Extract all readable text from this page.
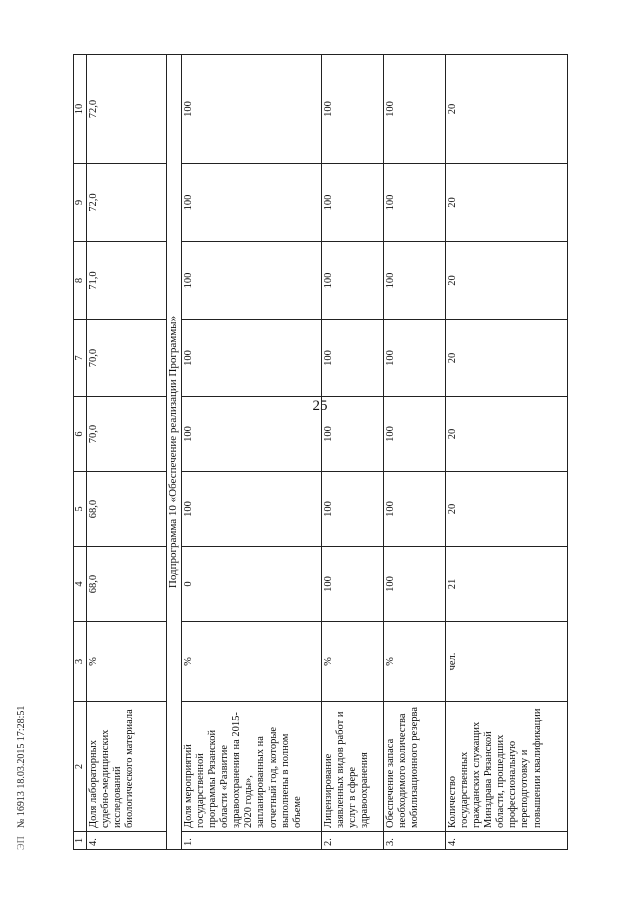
25
1	2	3	4	5	6	7	8	9	10
4.	Доля лабораторных судебно-медицинских исследований биологического материала	%	68,0	68,0	70,0	70,0	71,0	72,0	72,0
Подпрограмма 10 «Обеспечение реализации Программы»									
1.	Доля мероприятий государственной программы Рязанской области «Развитие здравоохранения на 2015-2020 годы», запланированных на отчетный год, которые выполнены в полном объеме	%	0	100	100	100	100	100	100
2.	Лицензирование заявленных видов работ и услуг в сфере здравоохранения	%	100	100	100	100	100	100	100
3.	Обеспечение запаса необходимого количества мобилизационного резерва	%	100	100	100	100	100	100	100
4.	Количество государственных гражданских служащих Минздрава Рязанской области, прошедших профессиональную переподготовку и повышении квалификации	чел.	21	20	20	20	20	20	20
ЭП№ 16913 18.03.2015 17:28:51
